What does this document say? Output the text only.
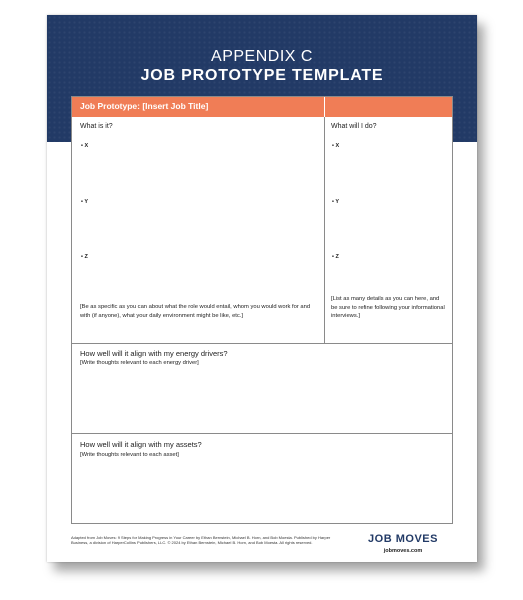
APPENDIX C
JOB PROTOTYPE TEMPLATE
Job Prototype: [Insert Job Title]
What is it?
• X
• Y
• Z
[Be as specific as you can about what the role would entail, whom you would work for and with (if anyone), what your daily environment might be like, etc.]
What will I do?
• X
• Y
• Z
[List as many details as you can here, and be sure to refine following your informational interviews.]
How well will it align with my energy drivers?
[Write thoughts relevant to each energy driver]
How well will it align with my assets?
[Write thoughts relevant to each asset]
Adapted from Job Moves: 9 Steps for Making Progress in Your Career by Ethan Bernstein, Michael B. Horn, and Bob Moesta. Published by Harper Business, a division of HarperCollins Publishers, LLC. © 2024 by Ethan Bernstein, Michael B. Horn, and Bob Moesta. All rights reserved.	JOB MOVES
jobmoves.com
